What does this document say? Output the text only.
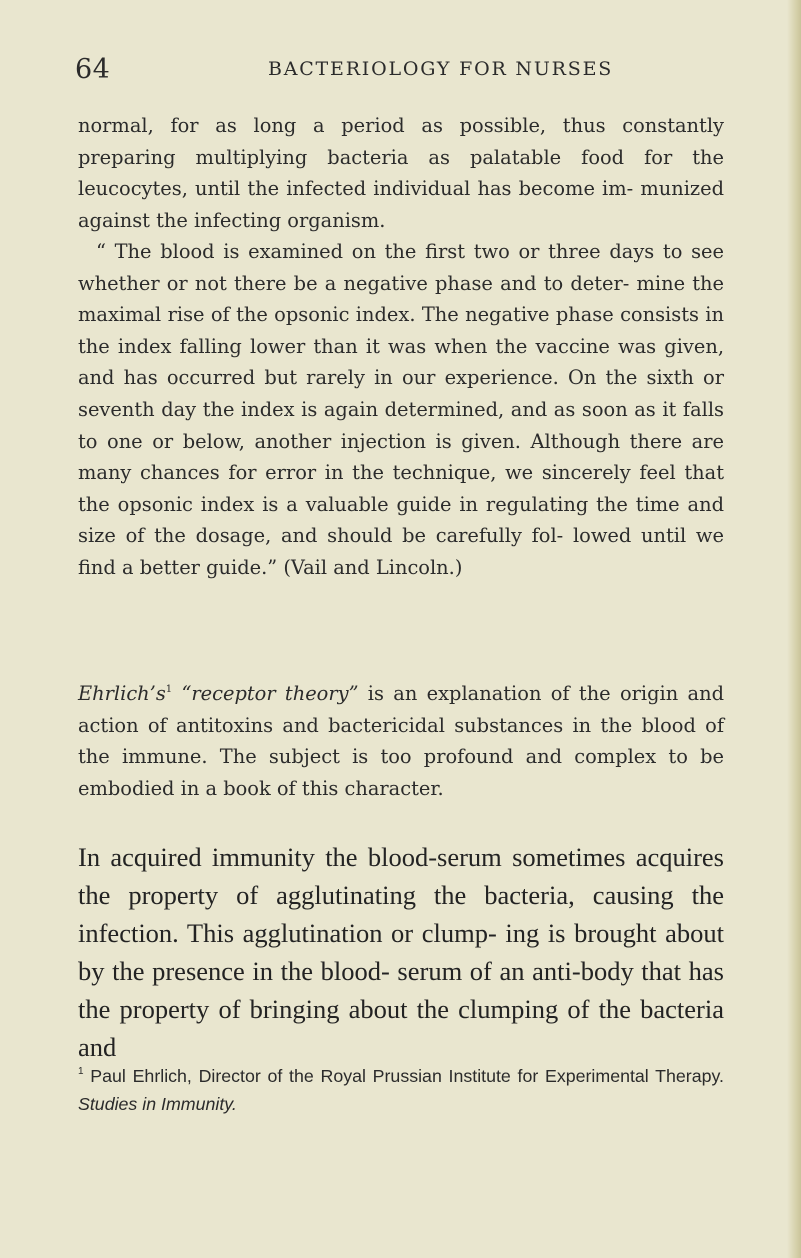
64	BACTERIOLOGY FOR NURSES

normal, for as long a period as possible, thus constantly preparing multiplying bacteria as palatable food for the leucocytes, until the infected individual has become im- munized against the infecting organism.

“ The blood is examined on the first two or three days to see whether or not there be a negative phase and to deter- mine the maximal rise of the opsonic index. The negative phase consists in the index falling lower than it was when the vaccine was given, and has occurred but rarely in our experience. On the sixth or seventh day the index is again determined, and as soon as it falls to one or below, another injection is given. Although there are many chances for error in the technique, we sincerely feel that the opsonic index is a valuable guide in regulating the time and size of the dosage, and should be carefully fol- lowed until we find a better guide.” (Vail and Lincoln.)

$Ehrlich’s^1$ “receptor theory” is an explanation of the origin and action of antitoxins and bactericidal substances in the blood of the immune. The subject is too profound and complex to be embodied in a book of this character.

In acquired immunity the blood-serum sometimes acquires the property of agglutinating the bacteria, causing the infection. This agglutination or clump- ing is brought about by the presence in the blood- serum of an anti-body that has the property of bringing about the clumping of the bacteria and

$^1$ Paul Ehrlich, Director of the Royal Prussian Institute for Experimental Therapy. Studies in Immunity.
